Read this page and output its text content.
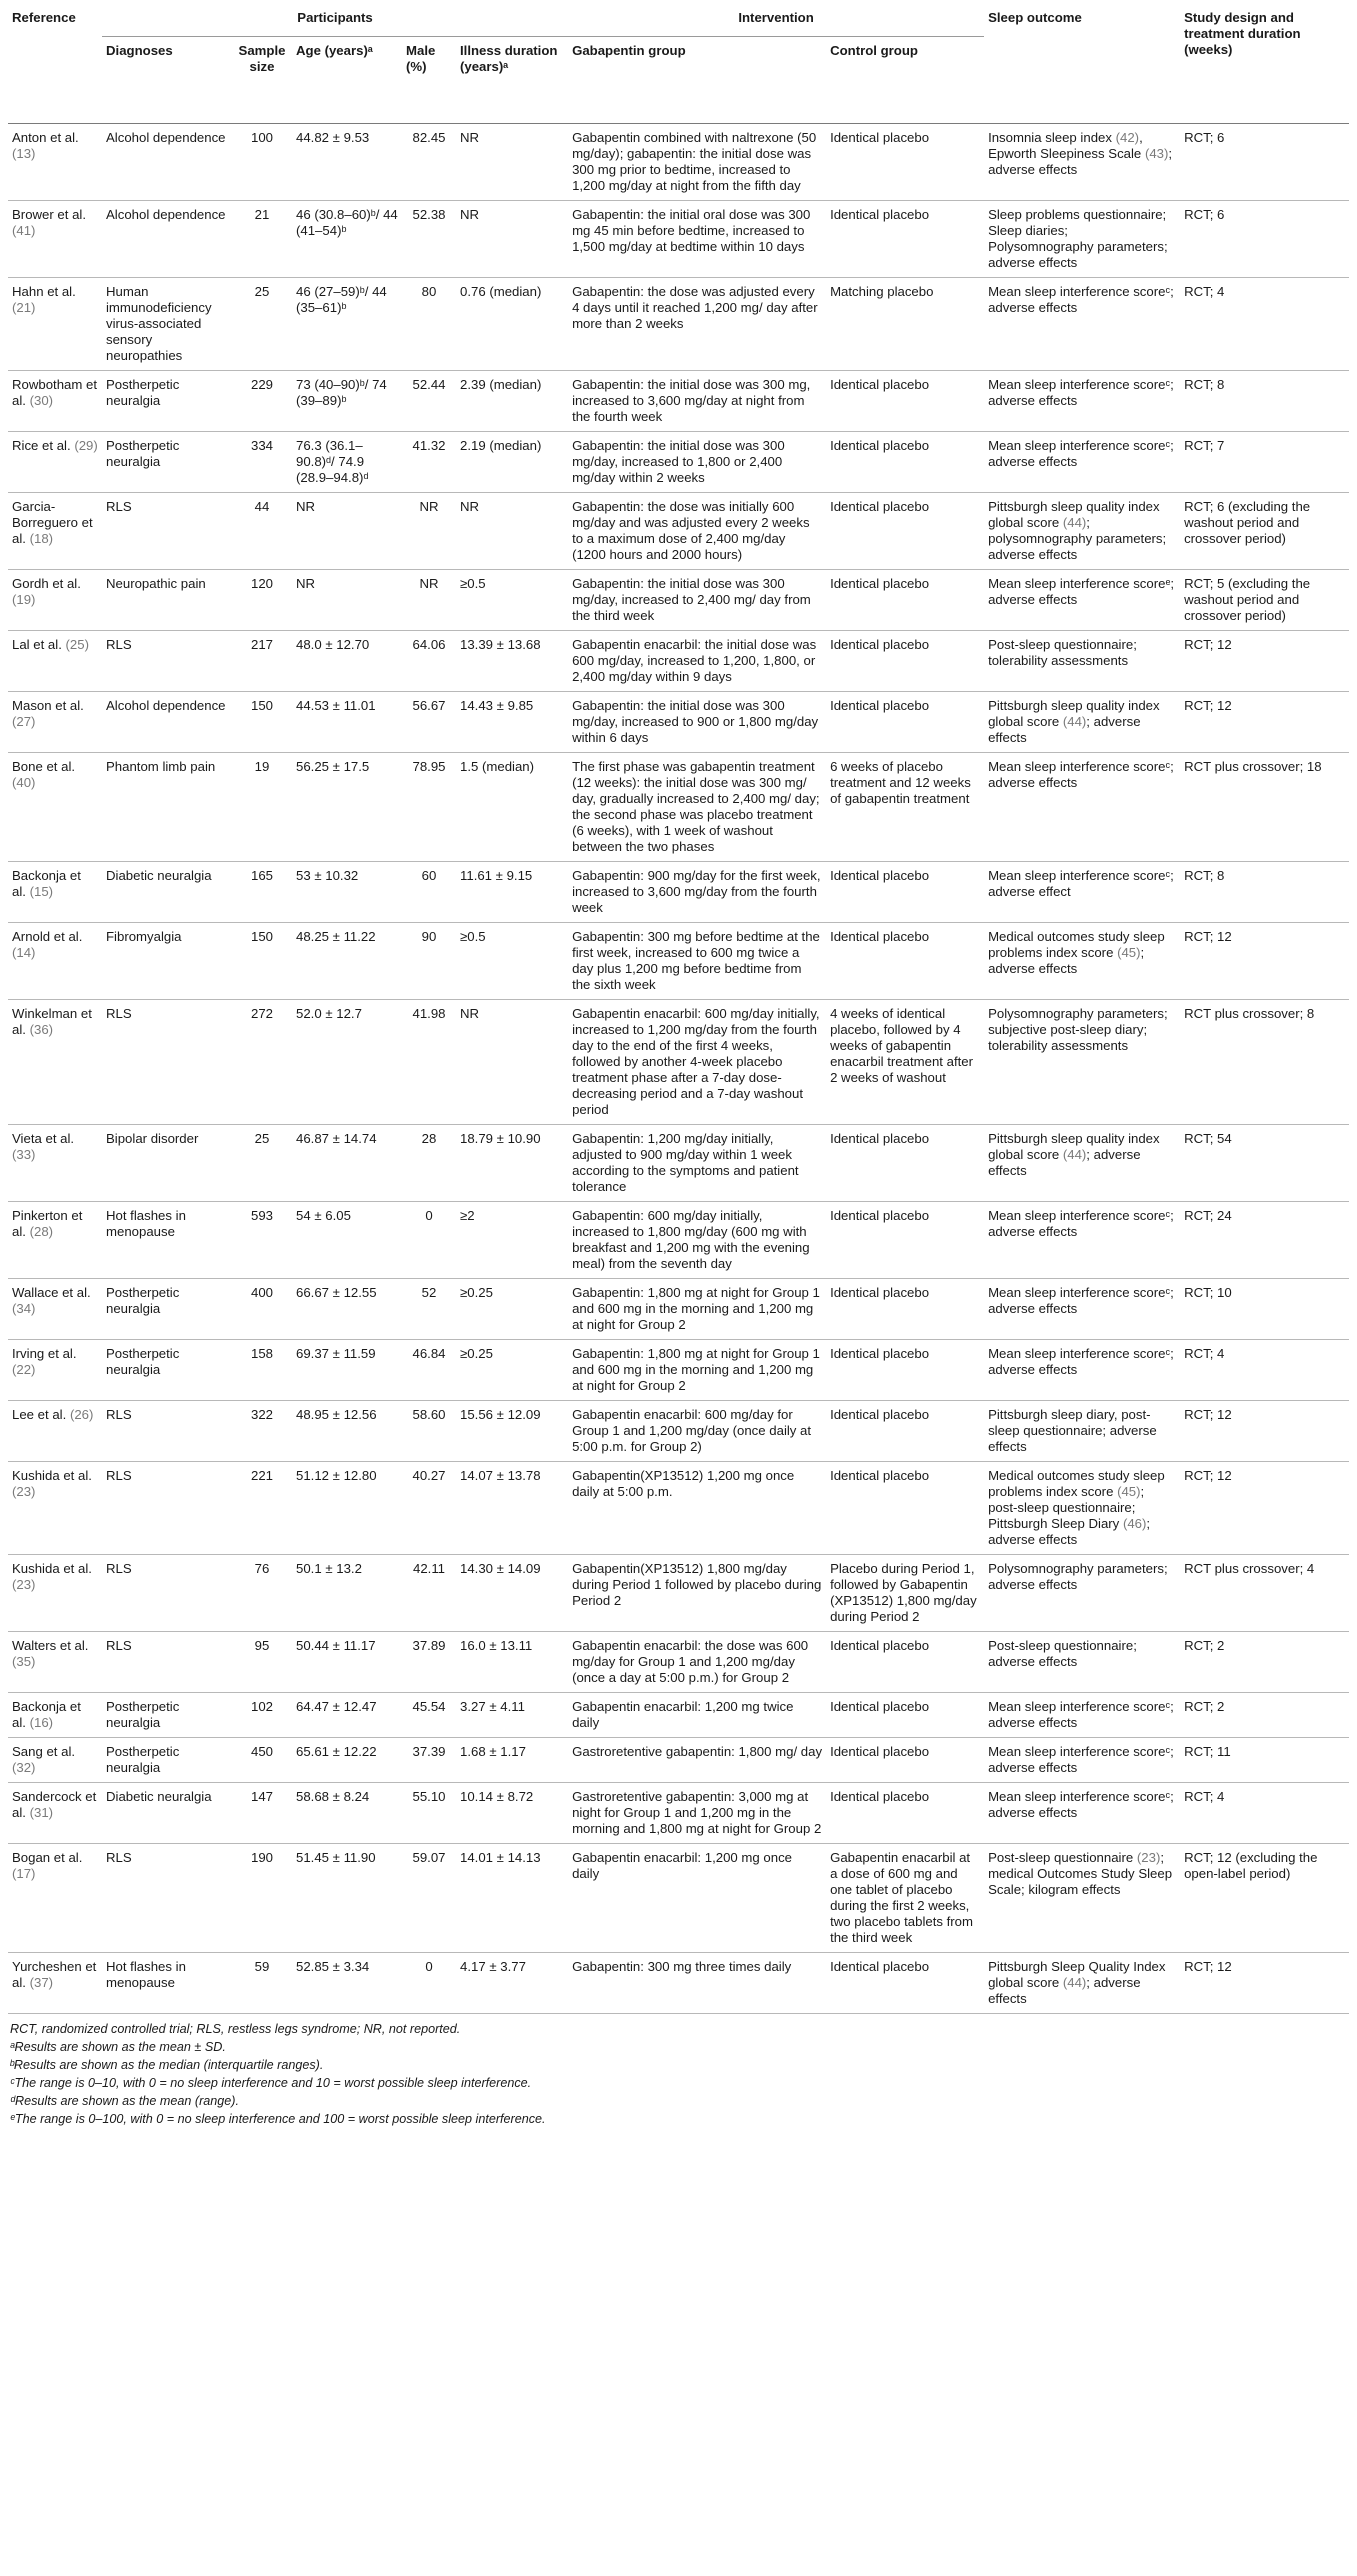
Reference	Participants					Intervention		Sleep outcome	Study design and treatment duration (weeks)
	Diagnoses	Sample size	Age (years)ᵃ	Male (%)	Illness duration (years)ᵃ	Gabapentin group	Control group		
Anton et al. (13)	Alcohol dependence	100	44.82 ± 9.53	82.45	NR	Gabapentin combined with naltrexone (50 mg/day); gabapentin: the initial dose was 300 mg prior to bedtime, increased to 1,200 mg/day at night from the fifth day	Identical placebo	Insomnia sleep index (42), Epworth Sleepiness Scale (43); adverse effects	RCT; 6
Brower et al. (41)	Alcohol dependence	21	46 (30.8–60)ᵇ/ 44 (41–54)ᵇ	52.38	NR	Gabapentin: the initial oral dose was 300 mg 45 min before bedtime, increased to 1,500 mg/day at bedtime within 10 days	Identical placebo	Sleep problems questionnaire; Sleep diaries; Polysomnography parameters; adverse effects	RCT; 6
Hahn et al. (21)	Human immunodeficiency virus-associated sensory neuropathies	25	46 (27–59)ᵇ/ 44 (35–61)ᵇ	80	0.76 (median)	Gabapentin: the dose was adjusted every 4 days until it reached 1,200 mg/ day after more than 2 weeks	Matching placebo	Mean sleep interference scoreᶜ; adverse effects	RCT; 4
Rowbotham et al. (30)	Postherpetic neuralgia	229	73 (40–90)ᵇ/ 74 (39–89)ᵇ	52.44	2.39 (median)	Gabapentin: the initial dose was 300 mg, increased to 3,600 mg/day at night from the fourth week	Identical placebo	Mean sleep interference scoreᶜ; adverse effects	RCT; 8
Rice et al. (29)	Postherpetic neuralgia	334	76.3 (36.1–90.8)ᵈ/ 74.9 (28.9–94.8)ᵈ	41.32	2.19 (median)	Gabapentin: the initial dose was 300 mg/day, increased to 1,800 or 2,400 mg/day within 2 weeks	Identical placebo	Mean sleep interference scoreᶜ; adverse effects	RCT; 7
Garcia-Borreguero et al. (18)	RLS	44	NR	NR	NR	Gabapentin: the dose was initially 600 mg/day and was adjusted every 2 weeks to a maximum dose of 2,400 mg/day (1200 hours and 2000 hours)	Identical placebo	Pittsburgh sleep quality index global score (44); polysomnography parameters; adverse effects	RCT; 6 (excluding the washout period and crossover period)
Gordh et al. (19)	Neuropathic pain	120	NR	NR	≥0.5	Gabapentin: the initial dose was 300 mg/day, increased to 2,400 mg/ day from the third week	Identical placebo	Mean sleep interference scoreᵉ; adverse effects	RCT; 5 (excluding the washout period and crossover period)
Lal et al. (25)	RLS	217	48.0 ± 12.70	64.06	13.39 ± 13.68	Gabapentin enacarbil: the initial dose was 600 mg/day, increased to 1,200, 1,800, or 2,400 mg/day within 9 days	Identical placebo	Post-sleep questionnaire; tolerability assessments	RCT; 12
Mason et al. (27)	Alcohol dependence	150	44.53 ± 11.01	56.67	14.43 ± 9.85	Gabapentin: the initial dose was 300 mg/day, increased to 900 or 1,800 mg/day within 6 days	Identical placebo	Pittsburgh sleep quality index global score (44); adverse effects	RCT; 12
Bone et al. (40)	Phantom limb pain	19	56.25 ± 17.5	78.95	1.5 (median)	The first phase was gabapentin treatment (12 weeks): the initial dose was 300 mg/ day, gradually increased to 2,400 mg/ day; the second phase was placebo treatment (6 weeks), with 1 week of washout between the two phases	6 weeks of placebo treatment and 12 weeks of gabapentin treatment	Mean sleep interference scoreᶜ; adverse effects	RCT plus crossover; 18
Backonja et al. (15)	Diabetic neuralgia	165	53 ± 10.32	60	11.61 ± 9.15	Gabapentin: 900 mg/day for the first week, increased to 3,600 mg/day from the fourth week	Identical placebo	Mean sleep interference scoreᶜ; adverse effect	RCT; 8
Arnold et al. (14)	Fibromyalgia	150	48.25 ± 11.22	90	≥0.5	Gabapentin: 300 mg before bedtime at the first week, increased to 600 mg twice a day plus 1,200 mg before bedtime from the sixth week	Identical placebo	Medical outcomes study sleep problems index score (45); adverse effects	RCT; 12
Winkelman et al. (36)	RLS	272	52.0 ± 12.7	41.98	NR	Gabapentin enacarbil: 600 mg/day initially, increased to 1,200 mg/day from the fourth day to the end of the first 4 weeks, followed by another 4-week placebo treatment phase after a 7-day dose-decreasing period and a 7-day washout period	4 weeks of identical placebo, followed by 4 weeks of gabapentin enacarbil treatment after 2 weeks of washout	Polysomnography parameters; subjective post-sleep diary; tolerability assessments	RCT plus crossover; 8
Vieta et al. (33)	Bipolar disorder	25	46.87 ± 14.74	28	18.79 ± 10.90	Gabapentin: 1,200 mg/day initially, adjusted to 900 mg/day within 1 week according to the symptoms and patient tolerance	Identical placebo	Pittsburgh sleep quality index global score (44); adverse effects	RCT; 54
Pinkerton et al. (28)	Hot flashes in menopause	593	54 ± 6.05	0	≥2	Gabapentin: 600 mg/day initially, increased to 1,800 mg/day (600 mg with breakfast and 1,200 mg with the evening meal) from the seventh day	Identical placebo	Mean sleep interference scoreᶜ; adverse effects	RCT; 24
Wallace et al. (34)	Postherpetic neuralgia	400	66.67 ± 12.55	52	≥0.25	Gabapentin: 1,800 mg at night for Group 1 and 600 mg in the morning and 1,200 mg at night for Group 2	Identical placebo	Mean sleep interference scoreᶜ; adverse effects	RCT; 10
Irving et al. (22)	Postherpetic neuralgia	158	69.37 ± 11.59	46.84	≥0.25	Gabapentin: 1,800 mg at night for Group 1 and 600 mg in the morning and 1,200 mg at night for Group 2	Identical placebo	Mean sleep interference scoreᶜ; adverse effects	RCT; 4
Lee et al. (26)	RLS	322	48.95 ± 12.56	58.60	15.56 ± 12.09	Gabapentin enacarbil: 600 mg/day for Group 1 and 1,200 mg/day (once daily at 5:00 p.m. for Group 2)	Identical placebo	Pittsburgh sleep diary, post-sleep questionnaire; adverse effects	RCT; 12
Kushida et al. (23)	RLS	221	51.12 ± 12.80	40.27	14.07 ± 13.78	Gabapentin(XP13512) 1,200 mg once daily at 5:00 p.m.	Identical placebo	Medical outcomes study sleep problems index score (45); post-sleep questionnaire; Pittsburgh Sleep Diary (46); adverse effects	RCT; 12
Kushida et al. (23)	RLS	76	50.1 ± 13.2	42.11	14.30 ± 14.09	Gabapentin(XP13512) 1,800 mg/day during Period 1 followed by placebo during Period 2	Placebo during Period 1, followed by Gabapentin (XP13512) 1,800 mg/day during Period 2	Polysomnography parameters; adverse effects	RCT plus crossover; 4
Walters et al. (35)	RLS	95	50.44 ± 11.17	37.89	16.0 ± 13.11	Gabapentin enacarbil: the dose was 600 mg/day for Group 1 and 1,200 mg/day (once a day at 5:00 p.m.) for Group 2	Identical placebo	Post-sleep questionnaire; adverse effects	RCT; 2
Backonja et al. (16)	Postherpetic neuralgia	102	64.47 ± 12.47	45.54	3.27 ± 4.11	Gabapentin enacarbil: 1,200 mg twice daily	Identical placebo	Mean sleep interference scoreᶜ; adverse effects	RCT; 2
Sang et al. (32)	Postherpetic neuralgia	450	65.61 ± 12.22	37.39	1.68 ± 1.17	Gastroretentive gabapentin: 1,800 mg/ day	Identical placebo	Mean sleep interference scoreᶜ; adverse effects	RCT; 11
Sandercock et al. (31)	Diabetic neuralgia	147	58.68 ± 8.24	55.10	10.14 ± 8.72	Gastroretentive gabapentin: 3,000 mg at night for Group 1 and 1,200 mg in the morning and 1,800 mg at night for Group 2	Identical placebo	Mean sleep interference scoreᶜ; adverse effects	RCT; 4
Bogan et al. (17)	RLS	190	51.45 ± 11.90	59.07	14.01 ± 14.13	Gabapentin enacarbil: 1,200 mg once daily	Gabapentin enacarbil at a dose of 600 mg and one tablet of placebo during the first 2 weeks, two placebo tablets from the third week	Post-sleep questionnaire (23); medical Outcomes Study Sleep Scale; kilogram effects	RCT; 12 (excluding the open-label period)
Yurcheshen et al. (37)	Hot flashes in menopause	59	52.85 ± 3.34	0	4.17 ± 3.77	Gabapentin: 300 mg three times daily	Identical placebo	Pittsburgh Sleep Quality Index global score (44); adverse effects	RCT; 12
RCT, randomized controlled trial; RLS, restless legs syndrome; NR, not reported.
ᵃResults are shown as the mean ± SD.
ᵇResults are shown as the median (interquartile ranges).
ᶜThe range is 0–10, with 0 = no sleep interference and 10 = worst possible sleep interference.
ᵈResults are shown as the mean (range).
ᵉThe range is 0–100, with 0 = no sleep interference and 100 = worst possible sleep interference.
